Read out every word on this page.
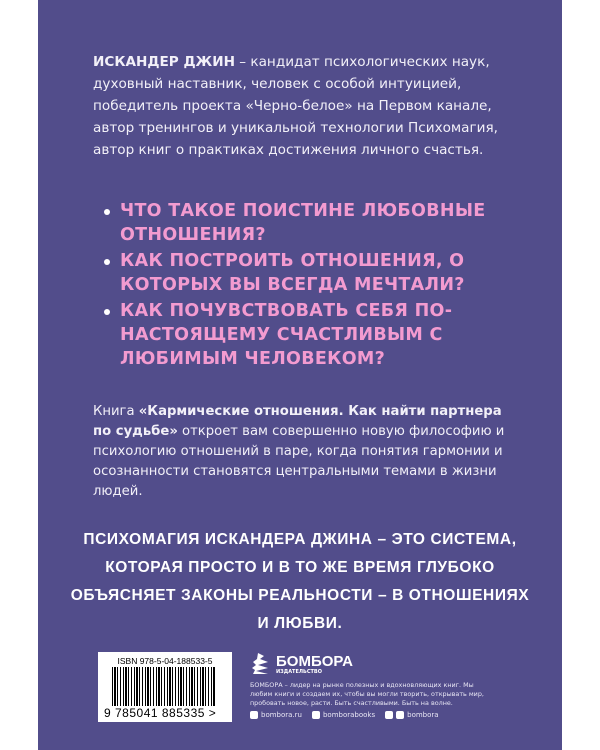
ИСКАНДЕР ДЖИН – кандидат психологических наук, духовный наставник, человек с особой интуицией, победитель проекта «Черно-белое» на Первом канале, автор тренингов и уникальной технологии Психомагия, автор книг о практиках достижения личного счастья.

ЧТО ТАКОЕ ПОИСТИНЕ ЛЮБОВНЫЕ ОТНОШЕНИЯ?
КАК ПОСТРОИТЬ ОТНОШЕНИЯ, О КОТОРЫХ ВЫ ВСЕГДА МЕЧТАЛИ?
КАК ПОЧУВСТВОВАТЬ СЕБЯ ПО-НАСТОЯЩЕМУ СЧАСТЛИВЫМ С ЛЮБИМЫМ ЧЕЛОВЕКОМ?

Книга «Кармические отношения. Как найти партнера по судьбе» откроет вам совершенно новую философию и психологию отношений в паре, когда понятия гармонии и осознанности становятся центральными темами в жизни людей.

ПСИХОМАГИЯ ИСКАНДЕРА ДЖИНА – ЭТО СИСТЕМА, КОТОРАЯ ПРОСТО И В ТО ЖЕ ВРЕМЯ ГЛУБОКО ОБЪЯСНЯЕТ ЗАКОНЫ РЕАЛЬНОСТИ – В ОТНОШЕНИЯХ И ЛЮБВИ.

ISBN 978-5-04-188533-5
9 785041 885335 >
БОМБОРА
ИЗДАТЕЛЬСТВО

БОМБОРА – лидер на рынке полезных и вдохновляющих книг. Мы любим книги и создаем их, чтобы вы могли творить, открывать мир, пробовать новое, расти. Быть счастливыми. Быть на волне.

bombora.ru	bomborabooks	bombora
